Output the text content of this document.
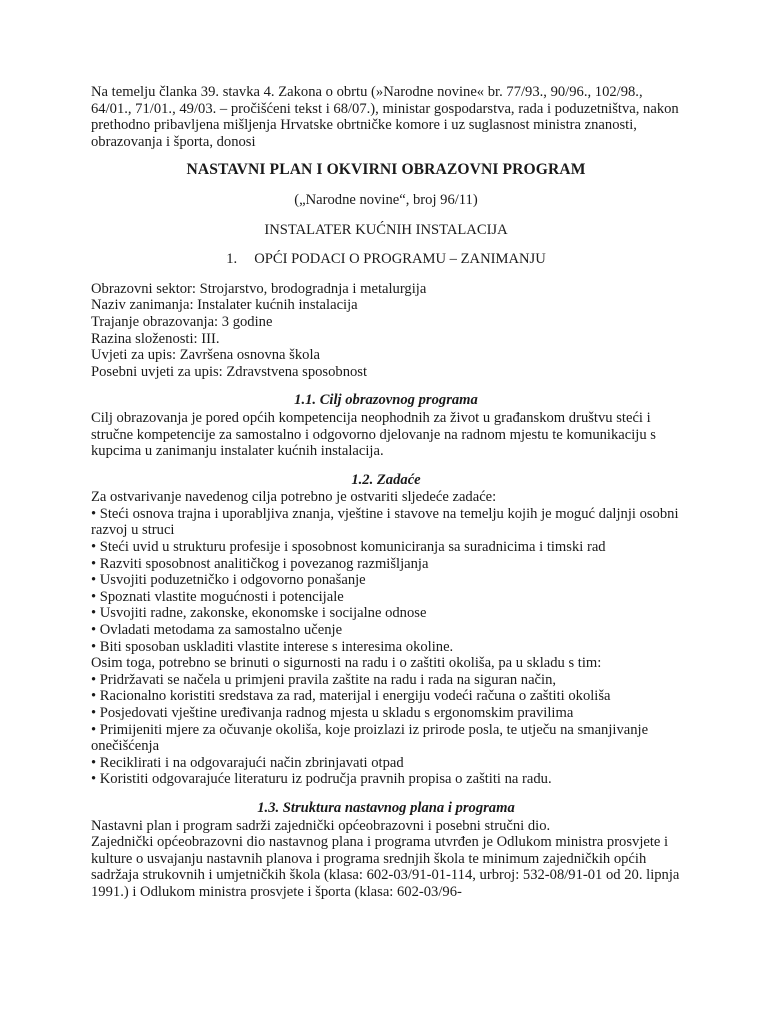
Na temelju članka 39. stavka 4. Zakona o obrtu (»Narodne novine« br. 77/93., 90/96., 102/98., 64/01., 71/01., 49/03. – pročišćeni tekst i 68/07.), ministar gospodarstva, rada i poduzetništva, nakon prethodno pribavljena mišljenja Hrvatske obrtničke komore i uz suglasnost ministra znanosti, obrazovanja i športa, donosi

NASTAVNI PLAN I OKVIRNI OBRAZOVNI PROGRAM

(„Narodne novine“, broj 96/11)

INSTALATER KUĆNIH INSTALACIJA

1. OPĆI PODACI O PROGRAMU – ZANIMANJU

Obrazovni sektor: Strojarstvo, brodogradnja i metalurgija

Naziv zanimanja: Instalater kućnih instalacija

Trajanje obrazovanja: 3 godine

Razina složenosti: III.

Uvjeti za upis: Završena osnovna škola

Posebni uvjeti za upis: Zdravstvena sposobnost

1.1. Cilj obrazovnog programa

Cilj obrazovanja je pored općih kompetencija neophodnih za život u građanskom društvu steći i stručne kompetencije za samostalno i odgovorno djelovanje na radnom mjestu te komunikaciju s kupcima u zanimanju instalater kućnih instalacija.

1.2. Zadaće

Za ostvarivanje navedenog cilja potrebno je ostvariti sljedeće zadaće:

• Steći osnova trajna i uporabljiva znanja, vještine i stavove na temelju kojih je moguć daljnji osobni razvoj u struci

• Steći uvid u strukturu profesije i sposobnost komuniciranja sa suradnicima i timski rad

• Razviti sposobnost analitičkog i povezanog razmišljanja

• Usvojiti poduzetničko i odgovorno ponašanje

• Spoznati vlastite mogućnosti i potencijale

• Usvojiti radne, zakonske, ekonomske i socijalne odnose

• Ovladati metodama za samostalno učenje

• Biti sposoban uskladiti vlastite interese s interesima okoline.

Osim toga, potrebno se brinuti o sigurnosti na radu i o zaštiti okoliša, pa u skladu s tim:

• Pridržavati se načela u primjeni pravila zaštite na radu i rada na siguran način,

• Racionalno koristiti sredstava za rad, materijal i energiju vodeći računa o zaštiti okoliša

• Posjedovati vještine uređivanja radnog mjesta u skladu s ergonomskim pravilima

• Primijeniti mjere za očuvanje okoliša, koje proizlazi iz prirode posla, te utječu na smanjivanje onečišćenja

• Reciklirati i na odgovarajući način zbrinjavati otpad

• Koristiti odgovarajuće literaturu iz područja pravnih propisa o zaštiti na radu.

1.3. Struktura nastavnog plana i programa

Nastavni plan i program sadrži zajednički općeobrazovni i posebni stručni dio.

Zajednički općeobrazovni dio nastavnog plana i programa utvrđen je Odlukom ministra prosvjete i kulture o usvajanju nastavnih planova i programa srednjih škola te minimum zajedničkih općih sadržaja strukovnih i umjetničkih škola (klasa: 602-03/91-01-114, urbroj: 532-08/91-01 od 20. lipnja 1991.) i Odlukom ministra prosvjete i športa (klasa: 602-03/96-
